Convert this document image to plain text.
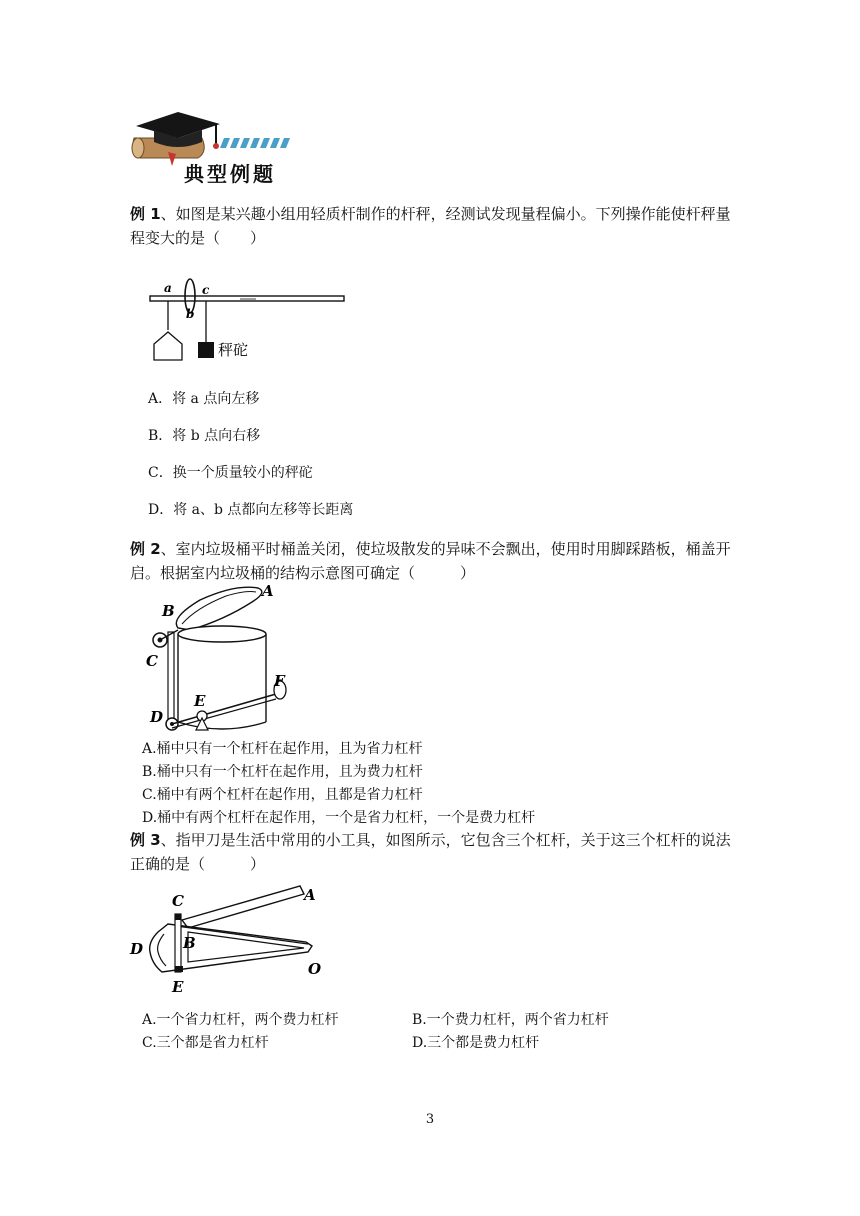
典型例题
例 1、如图是某兴趣小组用轻质杆制作的杆秤，经测试发现量程偏小。下列操作能使杆秤量
程变大的是（　　）
a
b
c
秤砣
A．将 a 点向左移
B．将 b 点向右移
C．换一个质量较小的秤砣
D．将 a、b 点都向左移等长距离
例 2、室内垃圾桶平时桶盖关闭，使垃圾散发的异味不会飘出，使用时用脚踩踏板，桶盖开
启。根据室内垃圾桶的结构示意图可确定（　　　）
A
B
C
D
E
F
A.桶中只有一个杠杆在起作用，且为省力杠杆
B.桶中只有一个杠杆在起作用，且为费力杠杆
C.桶中有两个杠杆在起作用，且都是省力杠杆
D.桶中有两个杠杆在起作用，一个是省力杠杆，一个是费力杠杆
例 3、指甲刀是生活中常用的小工具，如图所示，它包含三个杠杆，关于这三个杠杆的说法
正确的是（　　　）
A
B
C
D
E
O
A.一个省力杠杆，两个费力杠杆	B.一个费力杠杆，两个省力杠杆
C.三个都是省力杠杆	D.三个都是费力杠杆
3
